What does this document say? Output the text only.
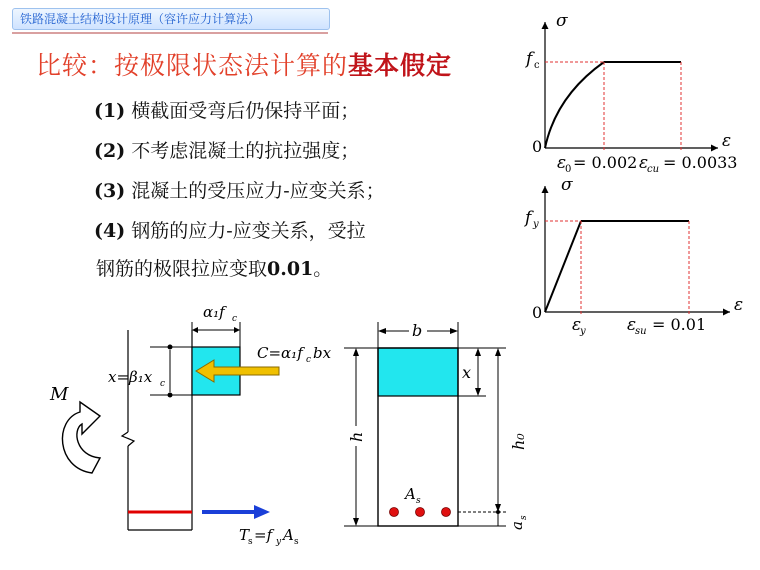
铁路混凝土结构设计原理（容许应力计算法）
比较：按极限状态法计算的基本假定
(1) 横截面受弯后仍保持平面；
(2) 不考虑混凝土的抗拉强度；
(3) 混凝土的受压应力-应变关系；
(4) 钢筋的应力-应变关系，受拉
钢筋的极限拉应变取0.01。
σ
ε
f c
0
ε
0 = 0.002 ε
cu = 0.0033
σ
ε
f y
0
ε
y ε
su = 0.01
α₁f c
x=β₁x c
C=α₁f c bx
M
T
s =f y A s
A s
b
h
x
h₀
a
s
